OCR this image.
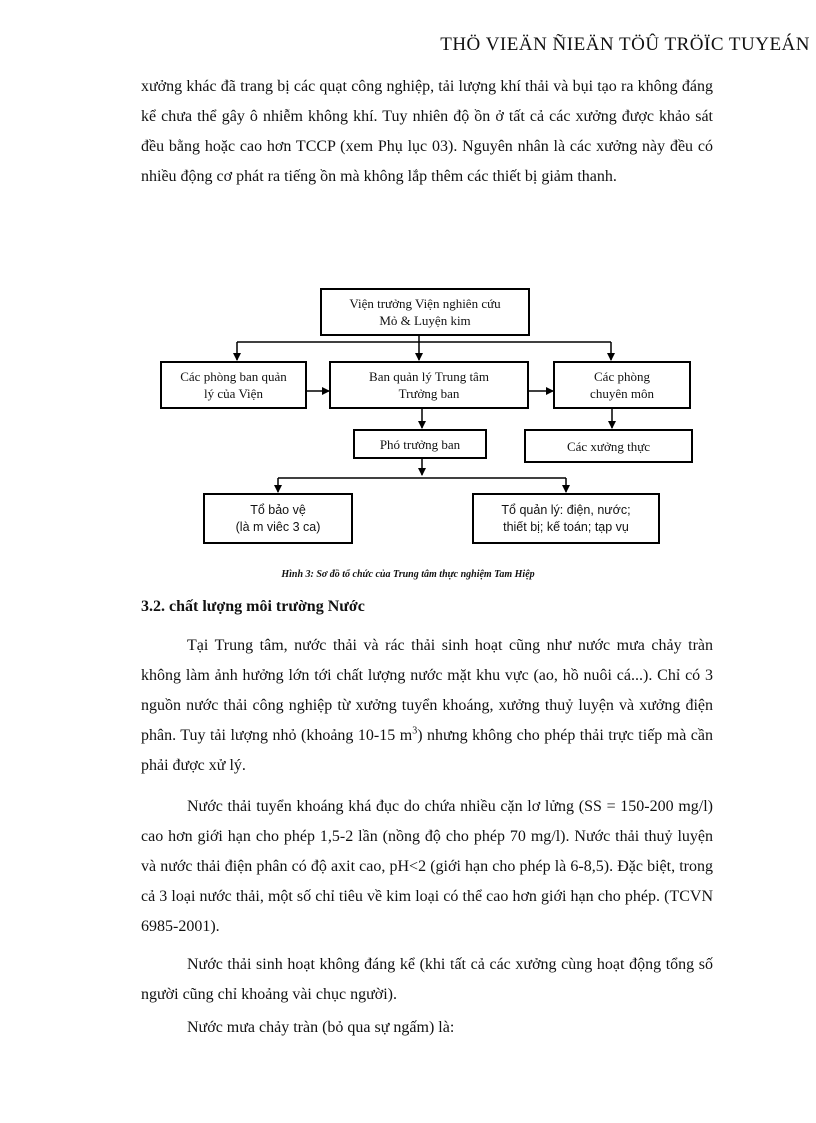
THÖ VIEÄN ÑIEÄN TÖÛ TRÖÏC TUYEÁN

xưởng khác đã trang bị các quạt công nghiệp, tải lượng khí thải và bụi tạo ra không đáng kể chưa thể gây ô nhiễm không khí. Tuy nhiên độ ồn ở tất cả các xưởng được khảo sát đều bằng hoặc cao hơn TCCP (xem Phụ lục 03). Nguyên nhân là các xưởng này đều có nhiều động cơ phát ra tiếng ồn mà không lắp thêm các thiết bị giảm thanh.

Viện trưởng Viện nghiên cứu
Mỏ & Luyện kim
Các phòng ban quản
lý của Viện
Ban quản lý Trung tâm
Trưởng ban
Các phòng
chuyên môn
Phó trưởng ban	Các xưởng thực
Tổ bảo vệ
(là m viêc 3 ca)
Tổ quản lý: điện, nước;
thiết bị; kế toán; tạp vụ
Hình 3: Sơ đồ tổ chức của Trung tâm thực nghiệm Tam Hiệp
3.2. chất lượng môi trường Nước

Tại Trung tâm, nước thải và rác thải sinh hoạt cũng như nước mưa chảy tràn không làm ảnh hưởng lớn tới chất lượng nước mặt khu vực (ao, hồ nuôi cá...). Chỉ có 3 nguồn nước thải công nghiệp từ xưởng tuyển khoáng, xưởng thuỷ luyện và xưởng điện phân. Tuy tải lượng nhỏ (khoảng 10-15 $m^3$) nhưng không cho phép thải trực tiếp mà cần phải được xử lý.

Nước thải tuyển khoáng khá đục do chứa nhiều cặn lơ lửng (SS = 150-200 mg/l) cao hơn giới hạn cho phép 1,5-2 lần (nồng độ cho phép 70 mg/l). Nước thải thuỷ luyện và nước thải điện phân có độ axit cao, pH<2 (giới hạn cho phép là 6-8,5). Đặc biệt, trong cả 3 loại nước thải, một số chỉ tiêu về kim loại có thể cao hơn giới hạn cho phép. (TCVN 6985-2001).

Nước thải sinh hoạt không đáng kể (khi tất cả các xưởng cùng hoạt động tổng số người cũng chỉ khoảng vài chục người).

Nước mưa chảy tràn (bỏ qua sự ngấm) là:
